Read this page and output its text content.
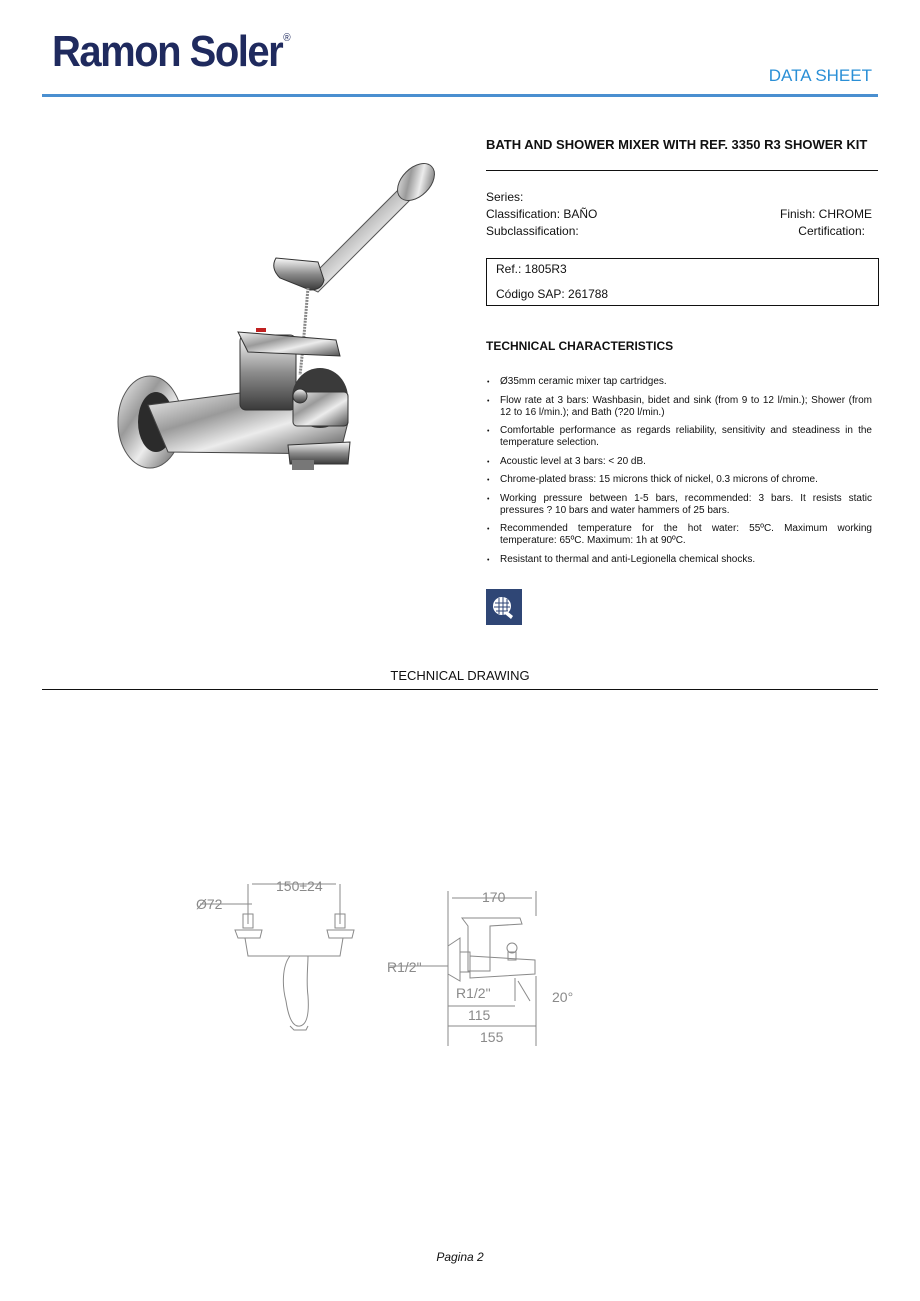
Ramon Soler®
DATA SHEET
BATH AND SHOWER MIXER WITH REF. 3350 R3 SHOWER KIT
Series:
Classification: BAÑO	Finish: CHROME
Subclassification:	Certification:
Ref.: 1805R3
Código SAP: 261788
TECHNICAL CHARACTERISTICS
• Ø35mm ceramic mixer tap cartridges.
• Flow rate at 3 bars: Washbasin, bidet and sink (from 9 to 12 l/min.); Shower (from 12 to 16 l/min.); and Bath (?20 l/min.)
• Comfortable performance as regards reliability, sensitivity and steadiness in the temperature selection.
• Acoustic level at 3 bars: < 20 dB.
• Chrome-plated brass: 15 microns thick of nickel, 0.3 microns of chrome.
• Working pressure between 1-5 bars, recommended: 3 bars. It resists static pressures ? 10 bars and water hammers of 25 bars.
• Recommended temperature for the hot water: 55ºC. Maximum working temperature: 65ºC. Maximum: 1h at 90ºC.
• Resistant to thermal and anti-Legionella chemical shocks.
TECHNICAL DRAWING
Ø72
150±24
170
R1/2"
R1/2"	20°
115
155
Pagina 2
